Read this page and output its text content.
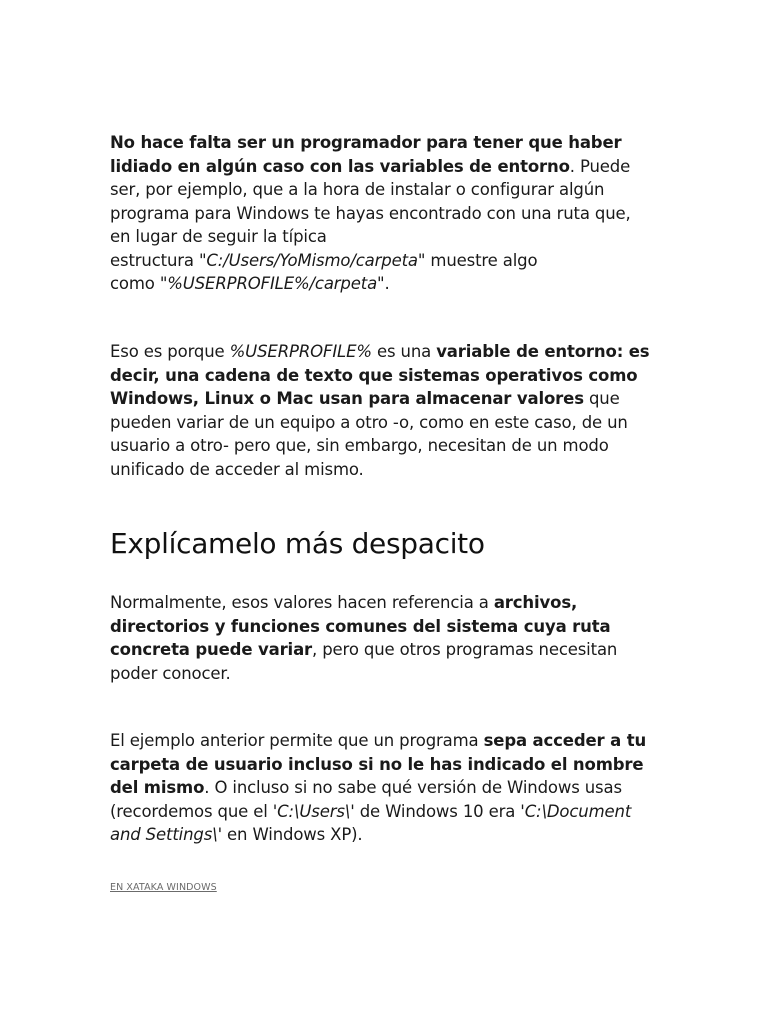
No hace falta ser un programador para tener que haber lidiado en algún caso con las variables de entorno. Puede ser, por ejemplo, que a la hora de instalar o configurar algún programa para Windows te hayas encontrado con una ruta que, en lugar de seguir la típica
estructura "C:/Users/YoMismo/carpeta" muestre algo
como "%USERPROFILE%/carpeta".

Eso es porque %USERPROFILE% es una variable de entorno: es decir, una cadena de texto que sistemas operativos como Windows, Linux o Mac usan para almacenar valores que pueden variar de un equipo a otro -o, como en este caso, de un usuario a otro- pero que, sin embargo, necesitan de un modo unificado de acceder al mismo.

Explícamelo más despacito

Normalmente, esos valores hacen referencia a archivos, directorios y funciones comunes del sistema cuya ruta concreta puede variar, pero que otros programas necesitan poder conocer.

El ejemplo anterior permite que un programa sepa acceder a tu carpeta de usuario incluso si no le has indicado el nombre del mismo. O incluso si no sabe qué versión de Windows usas (recordemos que el 'C:\Users\' de Windows 10 era 'C:\Document and Settings\' en Windows XP).

EN XATAKA WINDOWS
